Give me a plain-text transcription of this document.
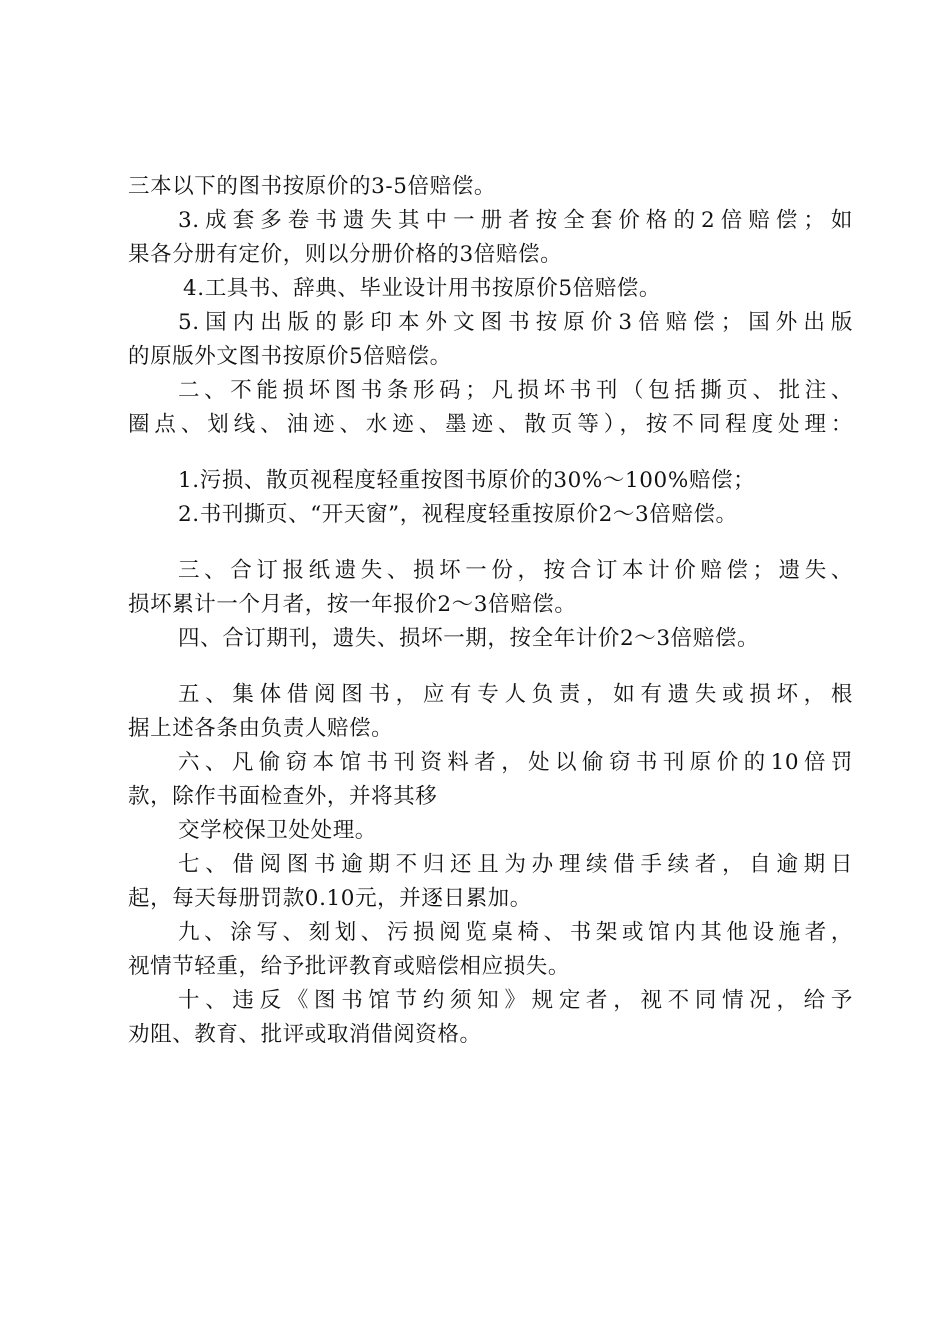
三本以下的图书按原价的3-5倍赔偿。
3.成套多卷书遗失其中一册者按全套价格的2倍赔偿；如
果各分册有定价，则以分册价格的3倍赔偿。
4.工具书、辞典、毕业设计用书按原价5倍赔偿。
5.国内出版的影印本外文图书按原价3倍赔偿；国外出版
的原版外文图书按原价5倍赔偿。
二、不能损坏图书条形码；凡损坏书刊（包括撕页、批注、
圈点、划线、油迹、水迹、墨迹、散页等），按不同程度处理：
1.污损、散页视程度轻重按图书原价的30%～100%赔偿；
2.书刊撕页、“开天窗”，视程度轻重按原价2～3倍赔偿。
三、合订报纸遗失、损坏一份，按合订本计价赔偿；遗失、
损坏累计一个月者，按一年报价2～3倍赔偿。
四、合订期刊，遗失、损坏一期，按全年计价2～3倍赔偿。
五、集体借阅图书，应有专人负责，如有遗失或损坏，根
据上述各条由负责人赔偿。
六、凡偷窃本馆书刊资料者，处以偷窃书刊原价的10倍罚
款，除作书面检查外，并将其移
交学校保卫处处理。
七、借阅图书逾期不归还且为办理续借手续者，自逾期日
起，每天每册罚款0.10元，并逐日累加。
九、涂写、刻划、污损阅览桌椅、书架或馆内其他设施者，
视情节轻重，给予批评教育或赔偿相应损失。
十、违反《图书馆节约须知》规定者，视不同情况，给予
劝阻、教育、批评或取消借阅资格。
